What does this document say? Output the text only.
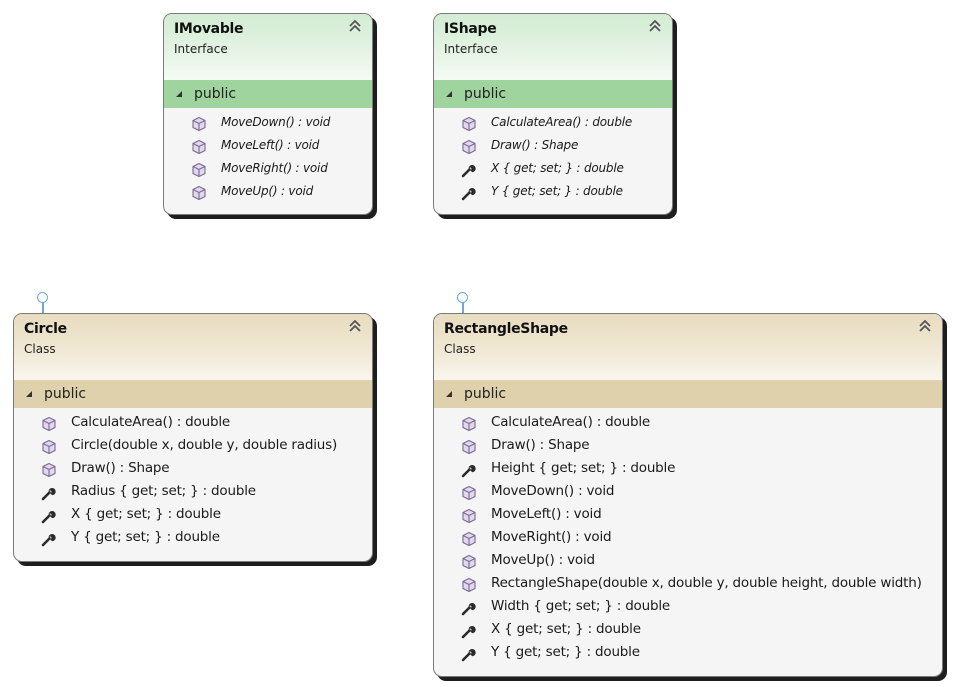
IMovable
Interface
public
MoveDown() : void
MoveLeft() : void
MoveRight() : void
MoveUp() : void
IShape
Interface
public
CalculateArea() : double
Draw() : Shape
X { get; set; } : double
Y { get; set; } : double
Circle
Class
public
CalculateArea() : double
Circle(double x, double y, double radius)
Draw() : Shape
Radius { get; set; } : double
X { get; set; } : double
Y { get; set; } : double
RectangleShape
Class
public
CalculateArea() : double
Draw() : Shape
Height { get; set; } : double
MoveDown() : void
MoveLeft() : void
MoveRight() : void
MoveUp() : void
RectangleShape(double x, double y, double height, double width)
Width { get; set; } : double
X { get; set; } : double
Y { get; set; } : double
